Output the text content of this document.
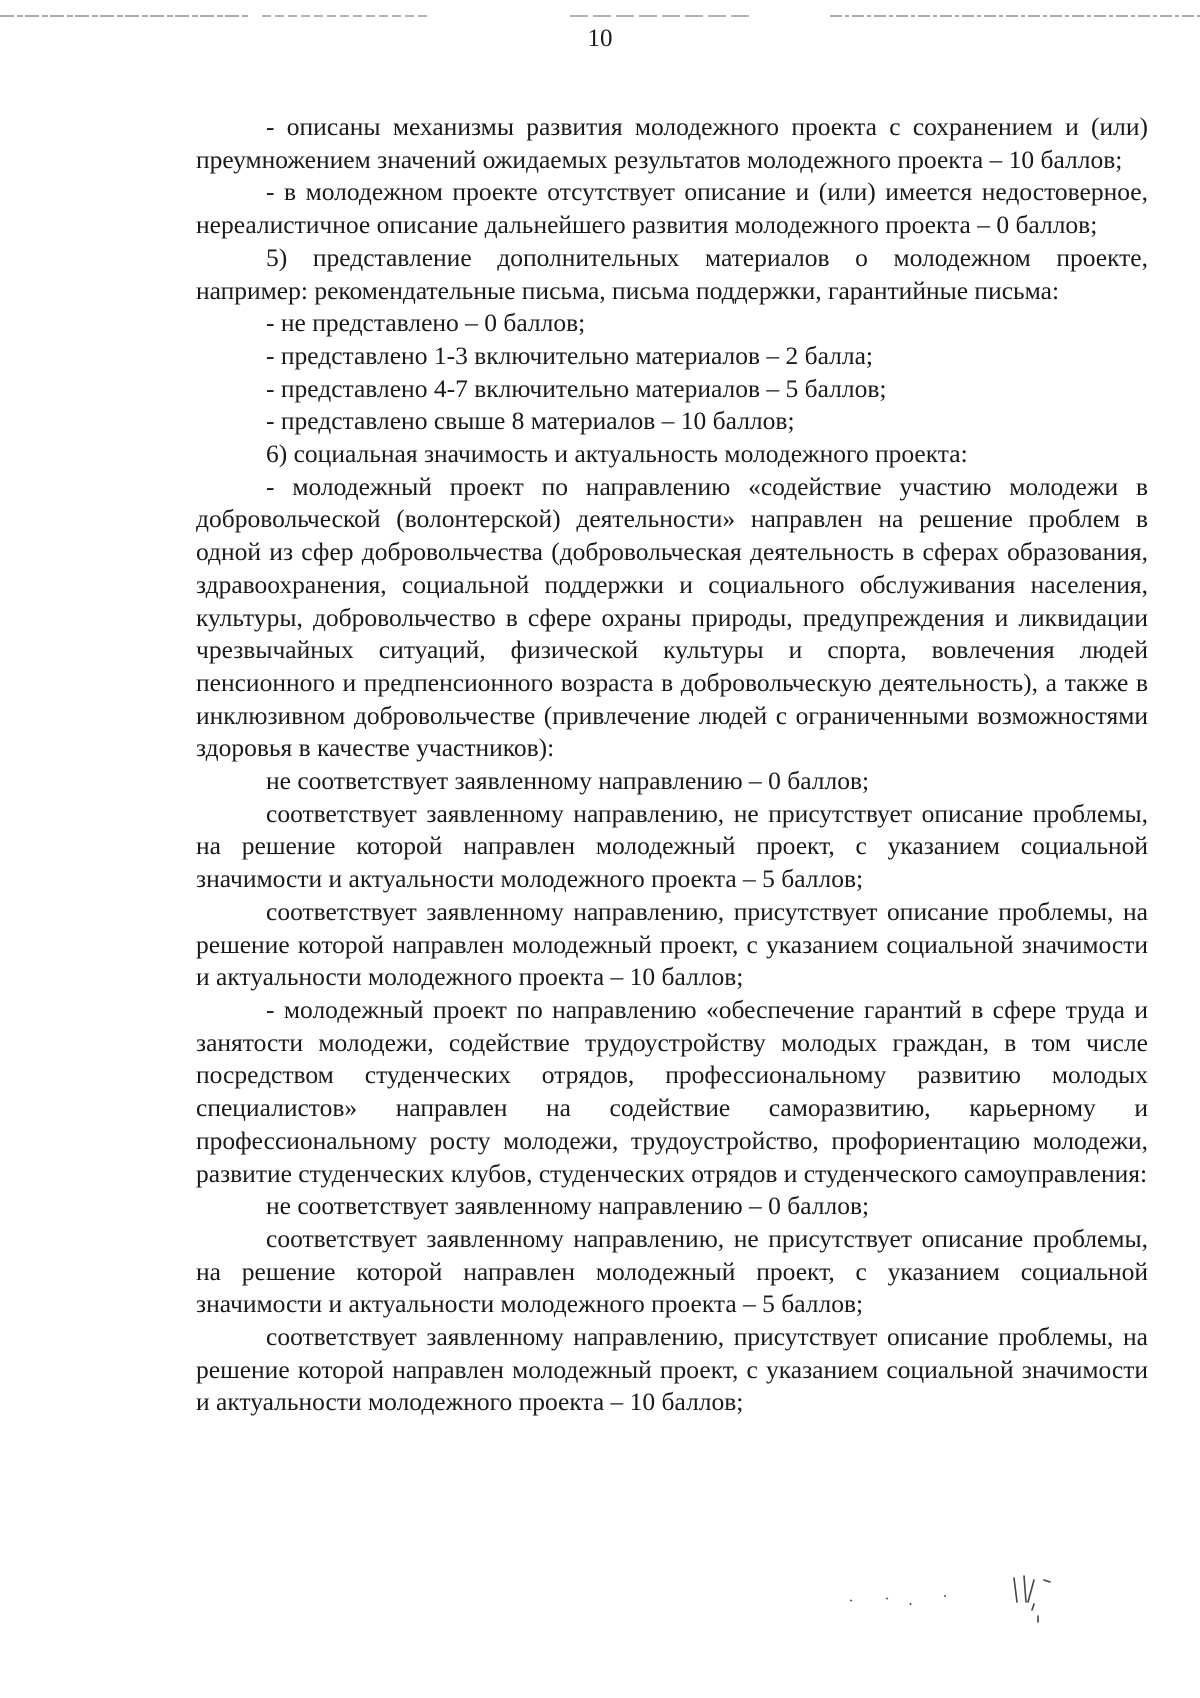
10

- описаны механизмы развития молодежного проекта с сохранением и (или) преумножением значений ожидаемых результатов молодежного проекта – 10 баллов;

- в молодежном проекте отсутствует описание и (или) имеется недостоверное, нереалистичное описание дальнейшего развития молодежного проекта – 0 баллов;

5) представление дополнительных материалов о молодежном проекте, например: рекомендательные письма, письма поддержки, гарантийные письма:

- не представлено – 0 баллов;

- представлено 1-3 включительно материалов – 2 балла;

- представлено 4-7 включительно материалов – 5 баллов;

- представлено свыше 8 материалов – 10 баллов;

6) социальная значимость и актуальность молодежного проекта:

- молодежный проект по направлению «содействие участию молодежи в добровольческой (волонтерской) деятельности» направлен на решение проблем в одной из сфер добровольчества (добровольческая деятельность в сферах образования, здравоохранения, социальной поддержки и социального обслуживания населения, культуры, добровольчество в сфере охраны природы, предупреждения и ликвидации чрезвычайных ситуаций, физической культуры и спорта, вовлечения людей пенсионного и предпенсионного возраста в добровольческую деятельность), а также в инклюзивном добровольчестве (привлечение людей с ограниченными возможностями здоровья в качестве участников):

не соответствует заявленному направлению – 0 баллов;

соответствует заявленному направлению, не присутствует описание проблемы, на решение которой направлен молодежный проект, с указанием социальной значимости и актуальности молодежного проекта – 5 баллов;

соответствует заявленному направлению, присутствует описание проблемы, на решение которой направлен молодежный проект, с указанием социальной значимости и актуальности молодежного проекта – 10 баллов;

- молодежный проект по направлению «обеспечение гарантий в сфере труда и занятости молодежи, содействие трудоустройству молодых граждан, в том числе посредством студенческих отрядов, профессиональному развитию молодых специалистов» направлен на содействие саморазвитию, карьерному и профессиональному росту молодежи, трудоустройство, профориентацию молодежи, развитие студенческих клубов, студенческих отрядов и студенческого самоуправления:

не соответствует заявленному направлению – 0 баллов;

соответствует заявленному направлению, не присутствует описание проблемы, на решение которой направлен молодежный проект, с указанием социальной значимости и актуальности молодежного проекта – 5 баллов;

соответствует заявленному направлению, присутствует описание проблемы, на решение которой направлен молодежный проект, с указанием социальной значимости и актуальности молодежного проекта – 10 баллов;
